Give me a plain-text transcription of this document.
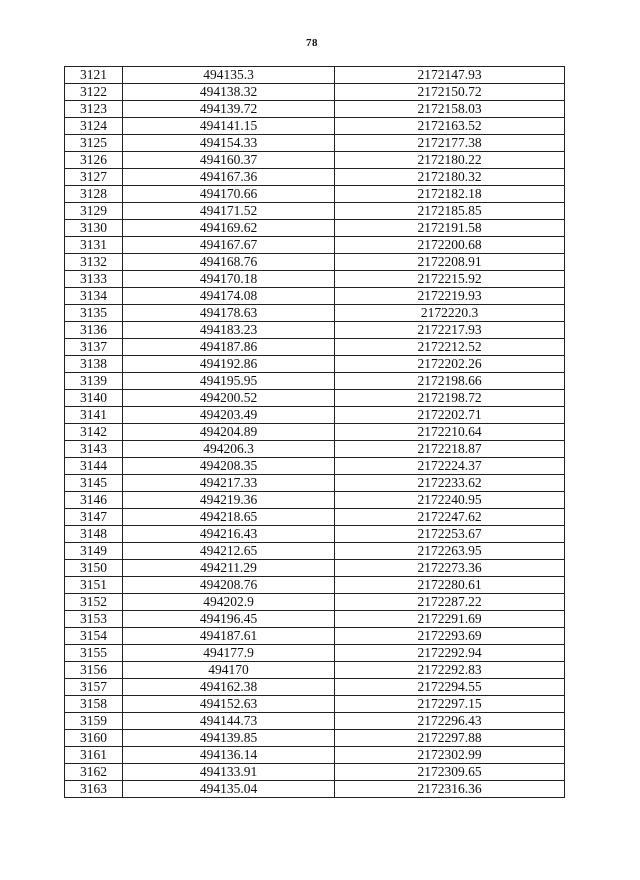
78
3121	494135.3	2172147.93
3122	494138.32	2172150.72
3123	494139.72	2172158.03
3124	494141.15	2172163.52
3125	494154.33	2172177.38
3126	494160.37	2172180.22
3127	494167.36	2172180.32
3128	494170.66	2172182.18
3129	494171.52	2172185.85
3130	494169.62	2172191.58
3131	494167.67	2172200.68
3132	494168.76	2172208.91
3133	494170.18	2172215.92
3134	494174.08	2172219.93
3135	494178.63	2172220.3
3136	494183.23	2172217.93
3137	494187.86	2172212.52
3138	494192.86	2172202.26
3139	494195.95	2172198.66
3140	494200.52	2172198.72
3141	494203.49	2172202.71
3142	494204.89	2172210.64
3143	494206.3	2172218.87
3144	494208.35	2172224.37
3145	494217.33	2172233.62
3146	494219.36	2172240.95
3147	494218.65	2172247.62
3148	494216.43	2172253.67
3149	494212.65	2172263.95
3150	494211.29	2172273.36
3151	494208.76	2172280.61
3152	494202.9	2172287.22
3153	494196.45	2172291.69
3154	494187.61	2172293.69
3155	494177.9	2172292.94
3156	494170	2172292.83
3157	494162.38	2172294.55
3158	494152.63	2172297.15
3159	494144.73	2172296.43
3160	494139.85	2172297.88
3161	494136.14	2172302.99
3162	494133.91	2172309.65
3163	494135.04	2172316.36
